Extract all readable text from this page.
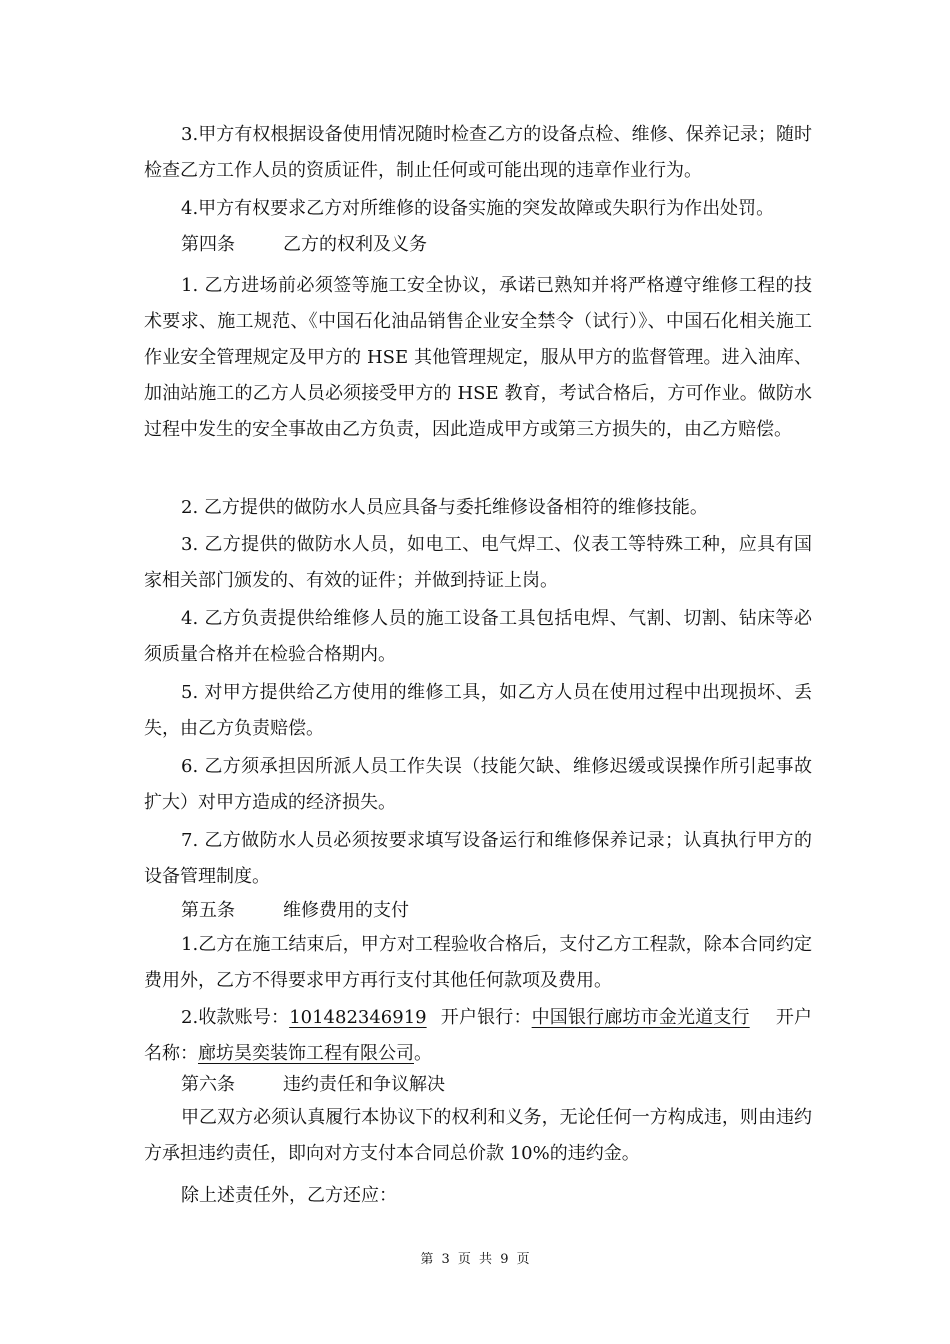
3.甲方有权根据设备使用情况随时检查乙方的设备点检、维修、保养记录；随时检查乙方工作人员的资质证件，制止任何或可能出现的违章作业行为。

4.甲方有权要求乙方对所维修的设备实施的突发故障或失职行为作出处罚。

第四条	乙方的权利及义务

1. 乙方进场前必须签等施工安全协议，承诺已熟知并将严格遵守维修工程的技术要求、施工规范、《中国石化油品销售企业安全禁令（试行）》、中国石化相关施工作业安全管理规定及甲方的 HSE 其他管理规定，服从甲方的监督管理。进入油库、加油站施工的乙方人员必须接受甲方的 HSE 教育，考试合格后，方可作业。做防水过程中发生的安全事故由乙方负责，因此造成甲方或第三方损失的，由乙方赔偿。

2. 乙方提供的做防水人员应具备与委托维修设备相符的维修技能。

3. 乙方提供的做防水人员，如电工、电气焊工、仪表工等特殊工种，应具有国家相关部门颁发的、有效的证件；并做到持证上岗。

4. 乙方负责提供给维修人员的施工设备工具包括电焊、气割、切割、钻床等必须质量合格并在检验合格期内。

5. 对甲方提供给乙方使用的维修工具，如乙方人员在使用过程中出现损坏、丢失，由乙方负责赔偿。

6. 乙方须承担因所派人员工作失误（技能欠缺、维修迟缓或误操作所引起事故扩大）对甲方造成的经济损失。

7. 乙方做防水人员必须按要求填写设备运行和维修保养记录；认真执行甲方的设备管理制度。

第五条	维修费用的支付

1.乙方在施工结束后，甲方对工程验收合格后，支付乙方工程款，除本合同约定费用外，乙方不得要求甲方再行支付其他任何款项及费用。

2.收款账号：101482346919 开户银行：中国银行廊坊市金光道支行 开户名称：廊坊昊奕装饰工程有限公司。

第六条	违约责任和争议解决

甲乙双方必须认真履行本协议下的权利和义务，无论任何一方构成违，则由违约方承担违约责任，即向对方支付本合同总价款 10%的违约金。

除上述责任外，乙方还应：

第 3 页 共 9 页
